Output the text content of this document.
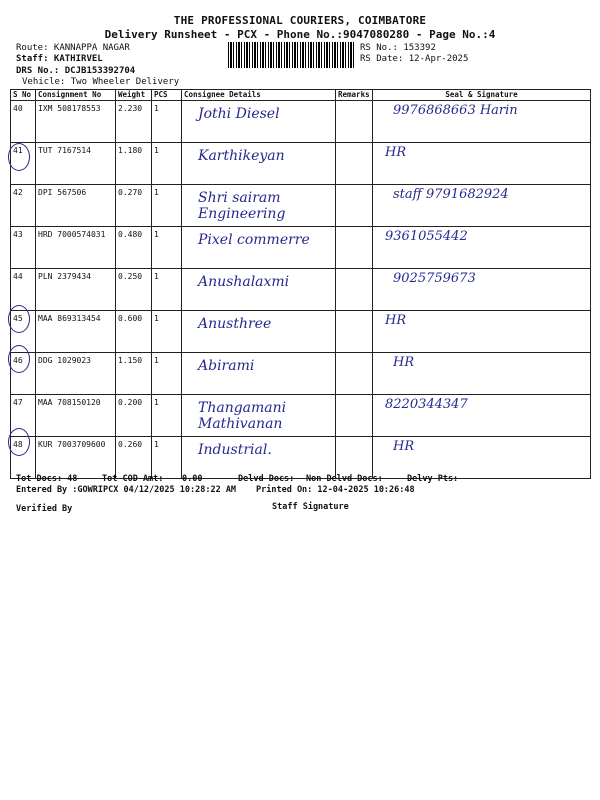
THE PROFESSIONAL COURIERS, COIMBATORE
Delivery Runsheet - PCX - Phone No.:9047080280 - Page No.:4
Route: KANNAPPA NAGAR
Staff: KATHIRVEL
DRS No.: DCJB153392704
Vehicle: Two Wheeler Delivery
RS No.: 153392
RS Date: 12-Apr-2025
S No	Consignment No	Weight	PCS	Consignee Details	Remarks	Seal & Signature
40	IXM 508178553	2.230	1	Jothi Diesel		9976868663 Harin

41	TUT 7167514	1.180	1	Karthikeyan		HR

42	DPI 567506	0.270	1	Shri sairam Engineering		staff 9791682924

43	HRD 7000574031	0.480	1	Pixel commerre		9361055442

44	PLN 2379434	0.250	1	Anushalaxmi		9025759673

45	MAA 869313454	0.600	1	Anusthree		HR

46	DDG 1029023	1.150	1	Abirami		HR

47	MAA 708150120	0.200	1	Thangamani Mathivanan		8220344347

48	KUR 7003709600	0.260	1	Industrial.		HR
Tot Docs: 48	Tot COD Amt: 0.00	Delvd Docs: Non Delvd Docs:	Delvy Pts:
Entered By :GOWRIPCX 04/12/2025 10:28:22 AM Printed On: 12-04-2025 10:26:48
Verified By	Staff Signature
